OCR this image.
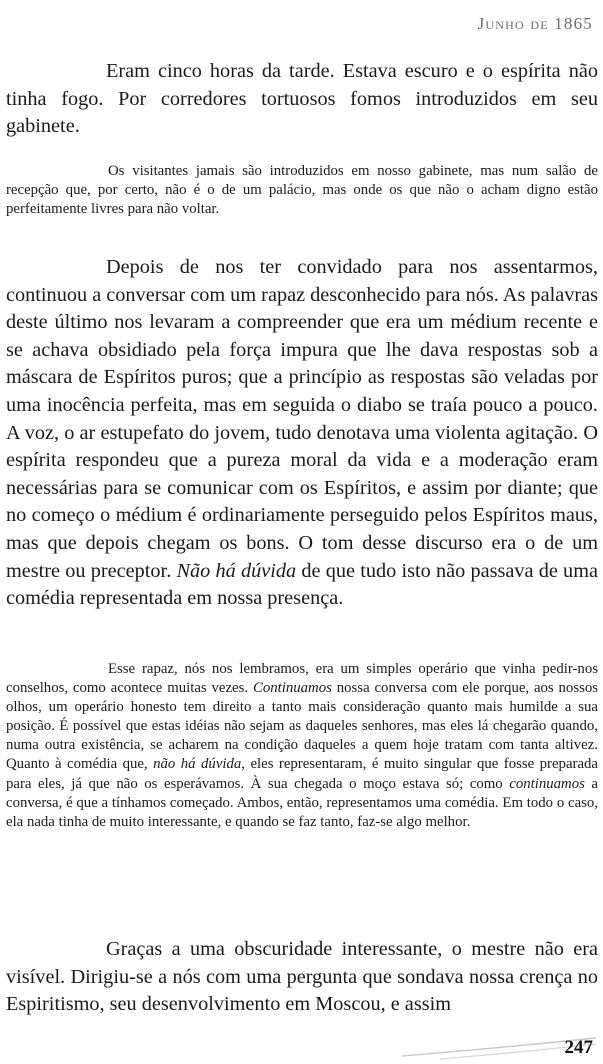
Junho de 1865

Eram cinco horas da tarde. Estava escuro e o espírita não tinha fogo. Por corredores tortuosos fomos introduzidos em seu gabinete.

Os visitantes jamais são introduzidos em nosso gabinete, mas num salão de recepção que, por certo, não é o de um palácio, mas onde os que não o acham digno estão perfeitamente livres para não voltar.

Depois de nos ter convidado para nos assentarmos, continuou a conversar com um rapaz desconhecido para nós. As palavras deste último nos levaram a compreender que era um médium recente e se achava obsidiado pela força impura que lhe dava respostas sob a máscara de Espíritos puros; que a princípio as respostas são veladas por uma inocência perfeita, mas em seguida o diabo se traía pouco a pouco. A voz, o ar estupefato do jovem, tudo denotava uma violenta agitação. O espírita respondeu que a pureza moral da vida e a moderação eram necessárias para se comunicar com os Espíritos, e assim por diante; que no começo o médium é ordinariamente perseguido pelos Espíritos maus, mas que depois chegam os bons. O tom desse discurso era o de um mestre ou preceptor. Não há dúvida de que tudo isto não passava de uma comédia representada em nossa presença.

Esse rapaz, nós nos lembramos, era um simples operário que vinha pedir-nos conselhos, como acontece muitas vezes. Continuamos nossa conversa com ele porque, aos nossos olhos, um operário honesto tem direito a tanto mais consideração quanto mais humilde a sua posição. É possível que estas idéias não sejam as daqueles senhores, mas eles lá chegarão quando, numa outra existência, se acharem na condição daqueles a quem hoje tratam com tanta altivez. Quanto à comédia que, não há dúvida, eles representaram, é muito singular que fosse preparada para eles, já que não os esperávamos. À sua chegada o moço estava só; como continuamos a conversa, é que a tínhamos começado. Ambos, então, representamos uma comédia. Em todo o caso, ela nada tinha de muito interessante, e quando se faz tanto, faz-se algo melhor.

Graças a uma obscuridade interessante, o mestre não era visível. Dirigiu-se a nós com uma pergunta que sondava nossa crença no Espiritismo, seu desenvolvimento em Moscou, e assim

247
